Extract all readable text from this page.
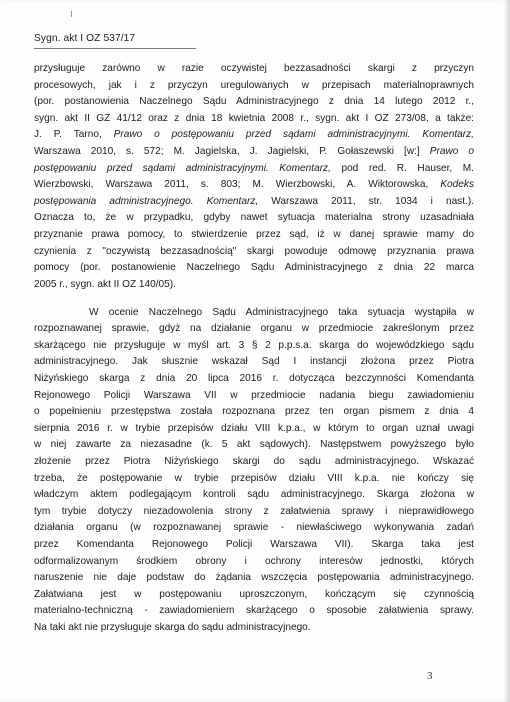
Sygn. akt I OZ 537/17
przysługuje zarówno w razie oczywistej bezzasadności skargi z przyczyn
procesowych, jak i z przyczyn uregulowanych w przepisach materialnoprawnych
(por. postanowienia Naczelnego Sądu Administracyjnego z dnia 14 lutego 2012 r.,
sygn. akt II GZ 41/12 oraz z dnia 18 kwietnia 2008 r., sygn. akt I OZ 273/08, a także:
J. P. Tarno, Prawo o postępowaniu przed sądami administracyjnymi. Komentarz,
Warszawa 2010, s. 572; M. Jagielska, J. Jagielski, P. Gołaszewski [w:] Prawo o
postępowaniu przed sądami administracyjnymi. Komentarz, pod red. R. Hauser, M.
Wierzbowski, Warszawa 2011, s. 803; M. Wierzbowski, A. Wiktorowska, Kodeks
postępowania administracyjnego. Komentarz, Warszawa 2011, str. 1034 i nast.).
Oznacza to, że w przypadku, gdyby nawet sytuacja materialna strony uzasadniała
przyznanie prawa pomocy, to stwierdzenie przez sąd, iż w danej sprawie mamy do
czynienia z "oczywistą bezzasadnością" skargi powoduje odmowę przyznania prawa
pomocy (por. postanowienie Naczelnego Sądu Administracyjnego z dnia 22 marca
2005 r., sygn. akt II OZ 140/05).
W ocenie Naczelnego Sądu Administracyjnego taka sytuacja wystąpiła w
rozpoznawanej sprawie, gdyż na działanie organu w przedmiocie zakreślonym przez
skarżącego nie przysługuje w myśl art. 3 § 2 p.p.s.a. skarga do wojewódzkiego sądu
administracyjnego. Jak słusznie wskazał Sąd I instancji złożona przez Piotra
Niżyńskiego skarga z dnia 20 lipca 2016 r. dotycząca bezczynności Komendanta
Rejonowego Policji Warszawa VII w przedmiocie nadania biegu zawiadomieniu
o popełnieniu przestępstwa została rozpoznana przez ten organ pismem z dnia 4
sierpnia 2016 r. w trybie przepisów działu VIII k.p.a., w którym to organ uznał uwagi
w niej zawarte za niezasadne (k. 5 akt sądowych). Następstwem powyższego było
złożenie przez Piotra Niżyńskiego skargi do sądu administracyjnego. Wskazać
trzeba, że postępowanie w trybie przepisów działu VIII k.p.a. nie kończy się
władczym aktem podlegającym kontroli sądu administracyjnego. Skarga złożona w
tym trybie dotyczy niezadowolenia strony z załatwienia sprawy i nieprawidłowego
działania organu (w rozpoznawanej sprawie - niewłaściwego wykonywania zadań
przez Komendanta Rejonowego Policji Warszawa VII). Skarga taka jest
odformalizowanym środkiem obrony i ochrony interesów jednostki, których
naruszenie nie daje podstaw do żądania wszczęcia postępowania administracyjnego.
Załatwiana jest w postępowaniu uproszczonym, kończącym się czynnością
materialno-techniczną - zawiadomieniem skarżącego o sposobie załatwienia sprawy.
Na taki akt nie przysługuje skarga do sądu administracyjnego.
3
